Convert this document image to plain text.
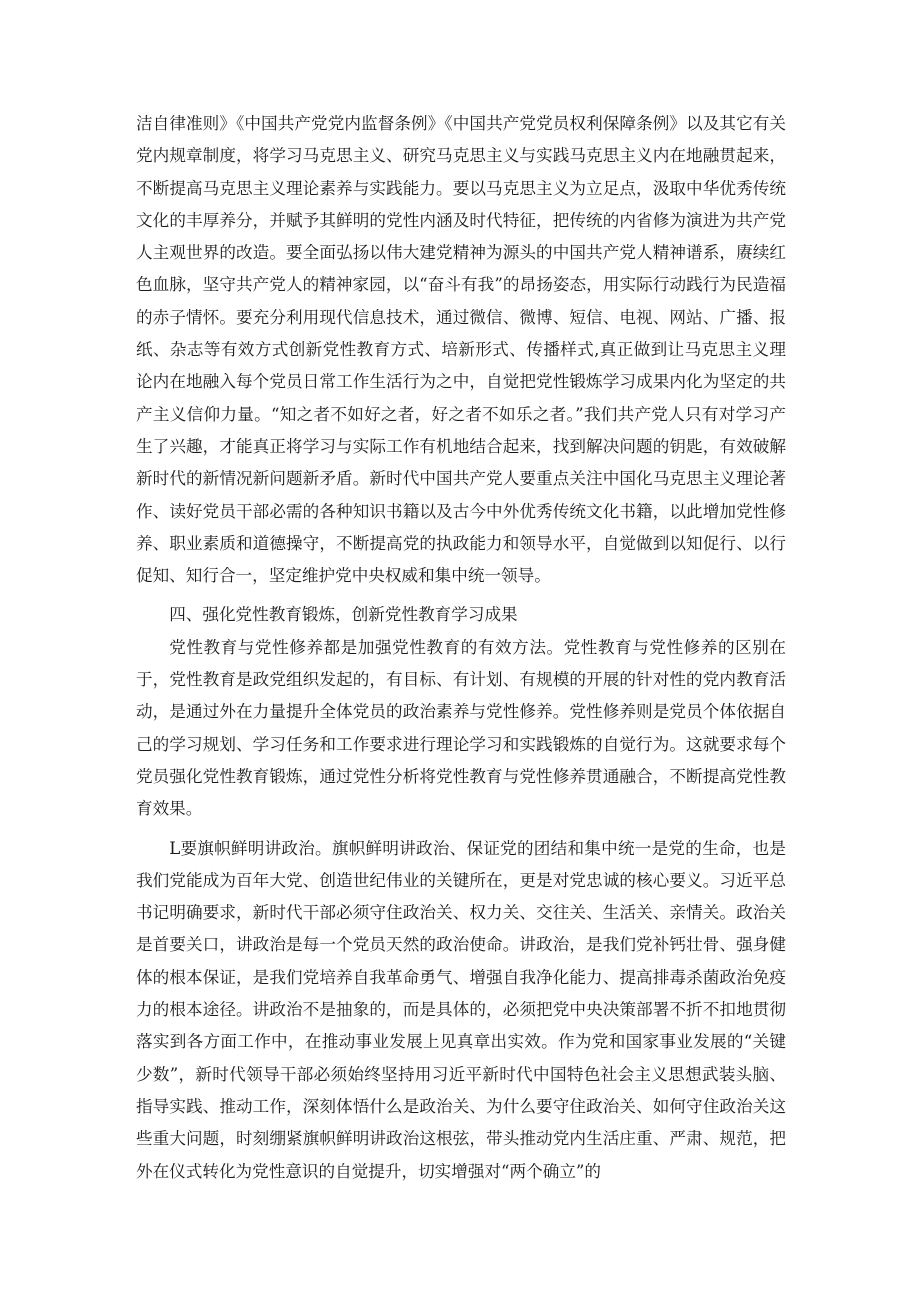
洁自律准则》《中国共产党党内监督条例》《中国共产党党员权利保障条例》以及其它有关党内规章制度，将学习马克思主义、研究马克思主义与实践马克思主义内在地融贯起来，不断提高马克思主义理论素养与实践能力。要以马克思主义为立足点，汲取中华优秀传统文化的丰厚养分，并赋予其鲜明的党性内涵及时代特征，把传统的内省修为演进为共产党人主观世界的改造。要全面弘扬以伟大建党精神为源头的中国共产党人精神谱系，赓续红色血脉，坚守共产党人的精神家园，以“奋斗有我”的昂扬姿态，用实际行动践行为民造福的赤子情怀。要充分利用现代信息技术，通过微信、微博、短信、电视、网站、广播、报纸、杂志等有效方式创新党性教育方式、培新形式、传播样式,真正做到让马克思主义理论内在地融入每个党员日常工作生活行为之中，自觉把党性锻炼学习成果内化为坚定的共产主义信仰力量。“知之者不如好之者，好之者不如乐之者。”我们共产党人只有对学习产生了兴趣，才能真正将学习与实际工作有机地结合起来，找到解决问题的钥匙，有效破解新时代的新情况新问题新矛盾。新时代中国共产党人要重点关注中国化马克思主义理论著作、读好党员干部必需的各种知识书籍以及古今中外优秀传统文化书籍，以此增加党性修养、职业素质和道德操守，不断提高党的执政能力和领导水平，自觉做到以知促行、以行促知、知行合一，坚定维护党中央权威和集中统一领导。

四、强化党性教育锻炼，创新党性教育学习成果

党性教育与党性修养都是加强党性教育的有效方法。党性教育与党性修养的区别在于，党性教育是政党组织发起的，有目标、有计划、有规模的开展的针对性的党内教育活动，是通过外在力量提升全体党员的政治素养与党性修养。党性修养则是党员个体依据自己的学习规划、学习任务和工作要求进行理论学习和实践锻炼的自觉行为。这就要求每个党员强化党性教育锻炼，通过党性分析将党性教育与党性修养贯通融合，不断提高党性教育效果。

L要旗帜鲜明讲政治。旗帜鲜明讲政治、保证党的团结和集中统一是党的生命，也是我们党能成为百年大党、创造世纪伟业的关键所在，更是对党忠诚的核心要义。习近平总书记明确要求，新时代干部必须守住政治关、权力关、交往关、生活关、亲情关。政治关是首要关口，讲政治是每一个党员天然的政治使命。讲政治，是我们党补钙壮骨、强身健体的根本保证，是我们党培养自我革命勇气、增强自我净化能力、提高排毒杀菌政治免疫力的根本途径。讲政治不是抽象的，而是具体的，必须把党中央决策部署不折不扣地贯彻落实到各方面工作中，在推动事业发展上见真章出实效。作为党和国家事业发展的“关键少数”，新时代领导干部必须始终坚持用习近平新时代中国特色社会主义思想武装头脑、指导实践、推动工作，深刻体悟什么是政治关、为什么要守住政治关、如何守住政治关这些重大问题，时刻绷紧旗帜鲜明讲政治这根弦，带头推动党内生活庄重、严肃、规范，把外在仪式转化为党性意识的自觉提升，切实增强对“两个确立”的
